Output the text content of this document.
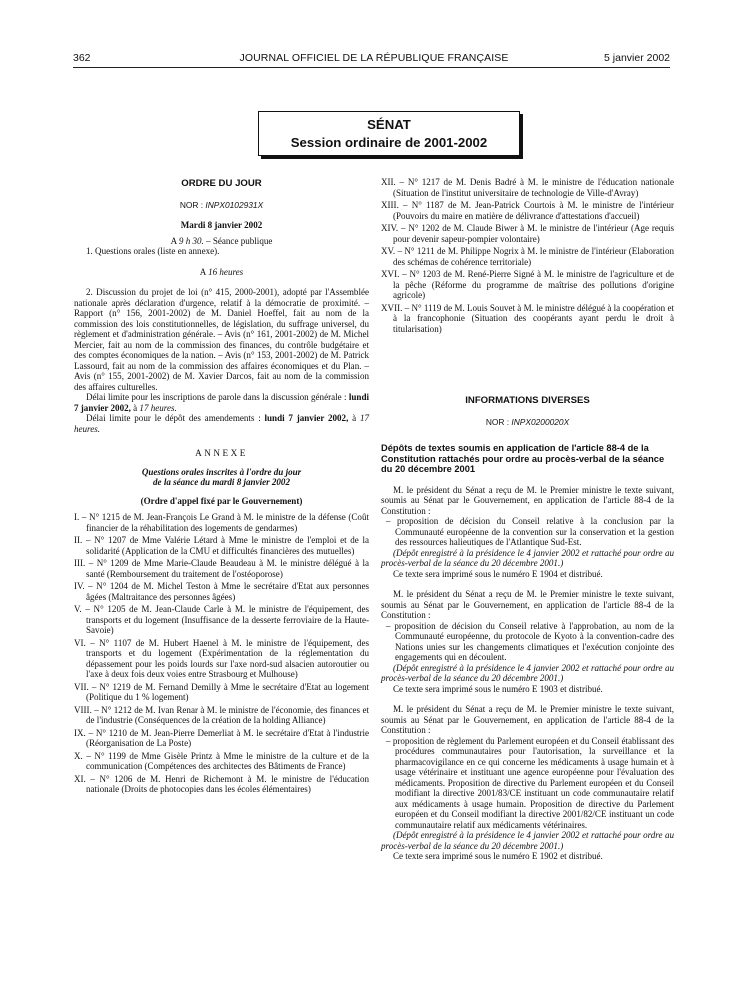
362	JOURNAL OFFICIEL DE LA RÉPUBLIQUE FRANÇAISE	5 janvier 2002
SÉNAT
Session ordinaire de 2001-2002

ORDRE DU JOUR

NOR : INPX0102931X

Mardi 8 janvier 2002

A 9 h 30. – Séance publique

1. Questions orales (liste en annexe).

A 16 heures

2. Discussion du projet de loi (n° 415, 2000-2001), adopté par l'Assemblée nationale après déclaration d'urgence, relatif à la démocratie de proximité. – Rapport (n° 156, 2001-2002) de M. Daniel Hoeffel, fait au nom de la commission des lois constitutionnelles, de législation, du suffrage universel, du règlement et d'administration générale. – Avis (n° 161, 2001-2002) de M. Michel Mercier, fait au nom de la commission des finances, du contrôle budgétaire et des comptes économiques de la nation. – Avis (n° 153, 2001-2002) de M. Patrick Lassourd, fait au nom de la commission des affaires économiques et du Plan. – Avis (n° 155, 2001-2002) de M. Xavier Darcos, fait au nom de la commission des affaires culturelles.

Délai limite pour les inscriptions de parole dans la discussion générale : lundi 7 janvier 2002, à 17 heures.

Délai limite pour le dépôt des amendements : lundi 7 janvier 2002, à 17 heures.

ANNEXE

Questions orales inscrites à l'ordre du jour
de la séance du mardi 8 janvier 2002

(Ordre d'appel fixé par le Gouvernement)

I. – N° 1215 de M. Jean-François Le Grand à M. le ministre de la défense (Coût financier de la réhabilitation des logements de gendarmes)

II. – N° 1207 de Mme Valérie Létard à Mme le ministre de l'emploi et de la solidarité (Application de la CMU et difficultés financières des mutuelles)

III. – N° 1209 de Mme Marie-Claude Beaudeau à M. le ministre délégué à la santé (Remboursement du traitement de l'ostéoporose)

IV. – N° 1204 de M. Michel Teston à Mme le secrétaire d'Etat aux personnes âgées (Maltraitance des personnes âgées)

V. – N° 1205 de M. Jean-Claude Carle à M. le ministre de l'équipement, des transports et du logement (Insuffisance de la desserte ferroviaire de la Haute-Savoie)

VI. – N° 1107 de M. Hubert Haenel à M. le ministre de l'équipement, des transports et du logement (Expérimentation de la réglementation du dépassement pour les poids lourds sur l'axe nord-sud alsacien autoroutier ou l'axe à deux fois deux voies entre Strasbourg et Mulhouse)

VII. – N° 1219 de M. Fernand Demilly à Mme le secrétaire d'Etat au logement (Politique du 1 % logement)

VIII. – N° 1212 de M. Ivan Renar à M. le ministre de l'économie, des finances et de l'industrie (Conséquences de la création de la holding Alliance)

IX. – N° 1210 de M. Jean-Pierre Demerliat à M. le secrétaire d'Etat à l'industrie (Réorganisation de La Poste)

X. – N° 1199 de Mme Gisèle Printz à Mme le ministre de la culture et de la communication (Compétences des architectes des Bâtiments de France)

XI. – N° 1206 de M. Henri de Richemont à M. le ministre de l'éducation nationale (Droits de photocopies dans les écoles élémentaires)

XII. – N° 1217 de M. Denis Badré à M. le ministre de l'éducation nationale (Situation de l'institut universitaire de technologie de Ville-d'Avray)

XIII. – N° 1187 de M. Jean-Patrick Courtois à M. le ministre de l'intérieur (Pouvoirs du maire en matière de délivrance d'attestations d'accueil)

XIV. – N° 1202 de M. Claude Biwer à M. le ministre de l'intérieur (Age requis pour devenir sapeur-pompier volontaire)

XV. – N° 1211 de M. Philippe Nogrix à M. le ministre de l'intérieur (Elaboration des schémas de cohérence territoriale)

XVI. – N° 1203 de M. René-Pierre Signé à M. le ministre de l'agriculture et de la pêche (Réforme du programme de maîtrise des pollutions d'origine agricole)

XVII. – N° 1119 de M. Louis Souvet à M. le ministre délégué à la coopération et à la francophonie (Situation des coopérants ayant perdu le droit à titularisation)

INFORMATIONS DIVERSES

NOR : INPX0200020X

Dépôts de textes soumis en application de l'article 88-4 de la Constitution rattachés pour ordre au procès-verbal de la séance du 20 décembre 2001

M. le président du Sénat a reçu de M. le Premier ministre le texte suivant, soumis au Sénat par le Gouvernement, en application de l'article 88-4 de la Constitution :

– proposition de décision du Conseil relative à la conclusion par la Communauté européenne de la convention sur la conservation et la gestion des ressources halieutiques de l'Atlantique Sud-Est.

(Dépôt enregistré à la présidence le 4 janvier 2002 et rattaché pour ordre au procès-verbal de la séance du 20 décembre 2001.)

Ce texte sera imprimé sous le numéro E 1904 et distribué.

M. le président du Sénat a reçu de M. le Premier ministre le texte suivant, soumis au Sénat par le Gouvernement, en application de l'article 88-4 de la Constitution :

– proposition de décision du Conseil relative à l'approbation, au nom de la Communauté européenne, du protocole de Kyoto à la convention-cadre des Nations unies sur les changements climatiques et l'exécution conjointe des engagements qui en découlent.

(Dépôt enregistré à la présidence le 4 janvier 2002 et rattaché pour ordre au procès-verbal de la séance du 20 décembre 2001.)

Ce texte sera imprimé sous le numéro E 1903 et distribué.

M. le président du Sénat a reçu de M. le Premier ministre le texte suivant, soumis au Sénat par le Gouvernement, en application de l'article 88-4 de la Constitution :

– proposition de règlement du Parlement européen et du Conseil établissant des procédures communautaires pour l'autorisation, la surveillance et la pharmacovigilance en ce qui concerne les médicaments à usage humain et à usage vétérinaire et instituant une agence européenne pour l'évaluation des médicaments. Proposition de directive du Parlement européen et du Conseil modifiant la directive 2001/83/CE instituant un code communautaire relatif aux médicaments à usage humain. Proposition de directive du Parlement européen et du Conseil modifiant la directive 2001/82/CE instituant un code communautaire relatif aux médicaments vétérinaires.

(Dépôt enregistré à la présidence le 4 janvier 2002 et rattaché pour ordre au procès-verbal de la séance du 20 décembre 2001.)

Ce texte sera imprimé sous le numéro E 1902 et distribué.
